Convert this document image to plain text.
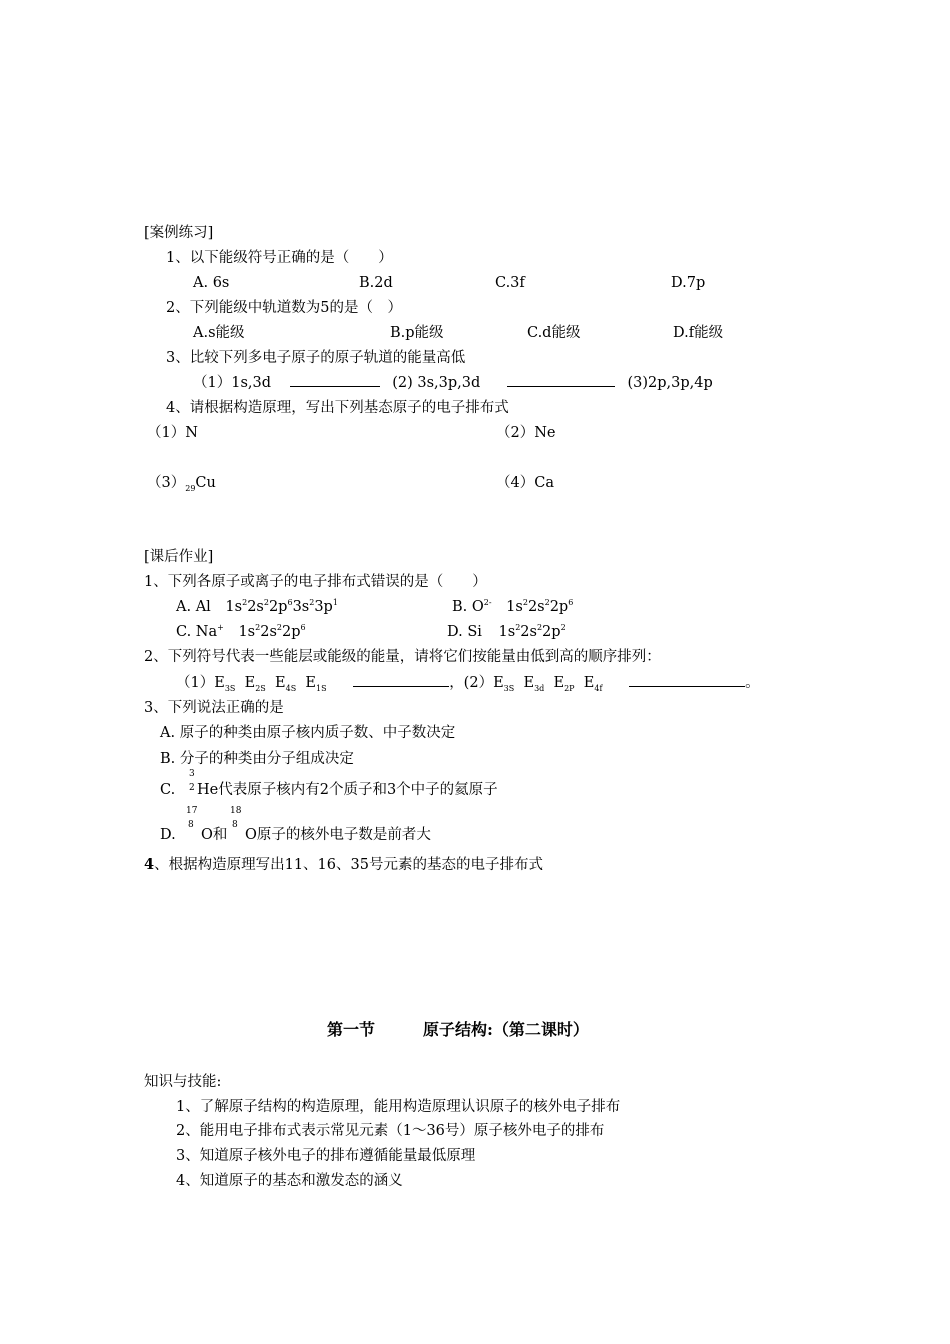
[案例练习]
1、以下能级符号正确的是（　　）
A. 6s	B.2d	C.3f	D.7p
2、下列能级中轨道数为5的是（　）
A.s能级	B.p能级	C.d能级	D.f能级
3、比较下列多电子原子的原子轨道的能量高低
（1）1s,3d	(2) 3s,3p,3d	(3)2p,3p,4p
4、请根据构造原理，写出下列基态原子的电子排布式
（1）N	（2）Ne
$(3)_{29}Cu$	（4）Ca
[课后作业]
1、下列各原子或离子的电子排布式错误的是（　　）
A. Al $1s^22s^22p^63s^23p^1$	B. $O^{2-}$ $1s^22s^22p^6$
C. Na+ $1s^22s^22p^6$	D. Si $1s^22s^22p^2$
2、下列符号代表一些能层或能级的能量，请将它们按能量由低到高的顺序排列：
$(1)E_{3S}$ $E_{2S}$ $E_{4S}$ $E_{1S}$	，$(2)E_{3S}$ $E_{3d}$ $E_{2P}$ $E_{4f}$	。
3、下列说法正确的是
A. 原子的种类由原子核内质子数、中子数决定
B. 分子的种类由分子组成决定
C.
3
2 He代表原子核内有2个质子和3个中子的氦原子
D.
17
8
O和
18
8
O原子的核外电子数是前者大
4、根据构造原理写出11、16、35号元素的基态的电子排布式
第一节	原子结构:（第二课时）
知识与技能:
1、了解原子结构的构造原理，能用构造原理认识原子的核外电子排布
2、能用电子排布式表示常见元素（1～36号）原子核外电子的排布
3、知道原子核外电子的排布遵循能量最低原理
4、知道原子的基态和激发态的涵义
